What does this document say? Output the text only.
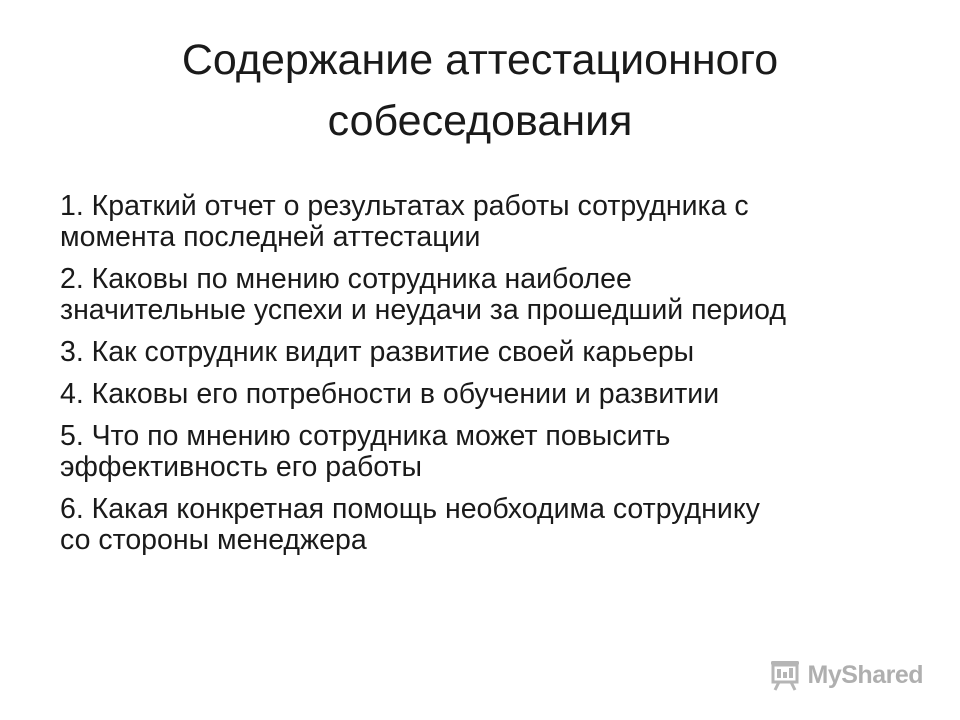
Содержание аттестационного
собеседования
1. Краткий отчет о результатах работы сотрудника с
момента последней аттестации
2. Каковы по мнению сотрудника наиболее
значительные успехи и неудачи за прошедший период
3. Как сотрудник видит развитие своей карьеры
4. Каковы его потребности в обучении и развитии
5. Что по мнению сотрудника может повысить
эффективность его работы
6. Какая конкретная помощь необходима сотруднику
со стороны менеджера
MyShared
